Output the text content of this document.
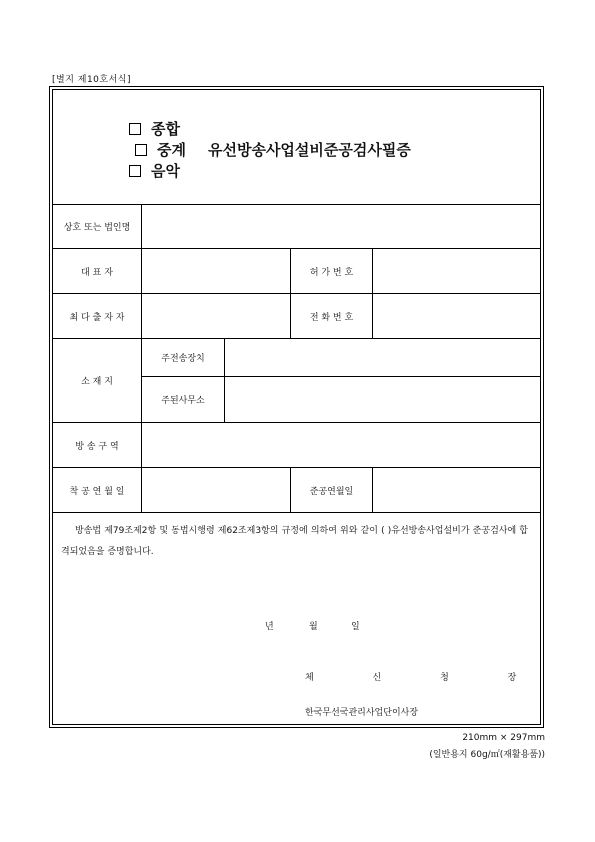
[별지 제10호서식]
종합
중계 유선방송사업설비준공검사필증
음악
상호 또는 법인명
대 표 자	허 가 번 호
최 다 출 자 자	전 화 번 호
소 재 지
주전송장치
주된사무소
방 송 구 역
착 공 연 월 일	준공연월일
방송법 제79조제2항 및 동법시행령 제62조제3항의 규정에 의하여 위와 같이 ( )유선방송사업설비가 준공검사에 합격되었음을 증명합니다.
년	월	일
체 신 청 장
한국무선국관리사업단이사장
210mm × 297mm
(일반용지 60g/㎡(재활용품))
